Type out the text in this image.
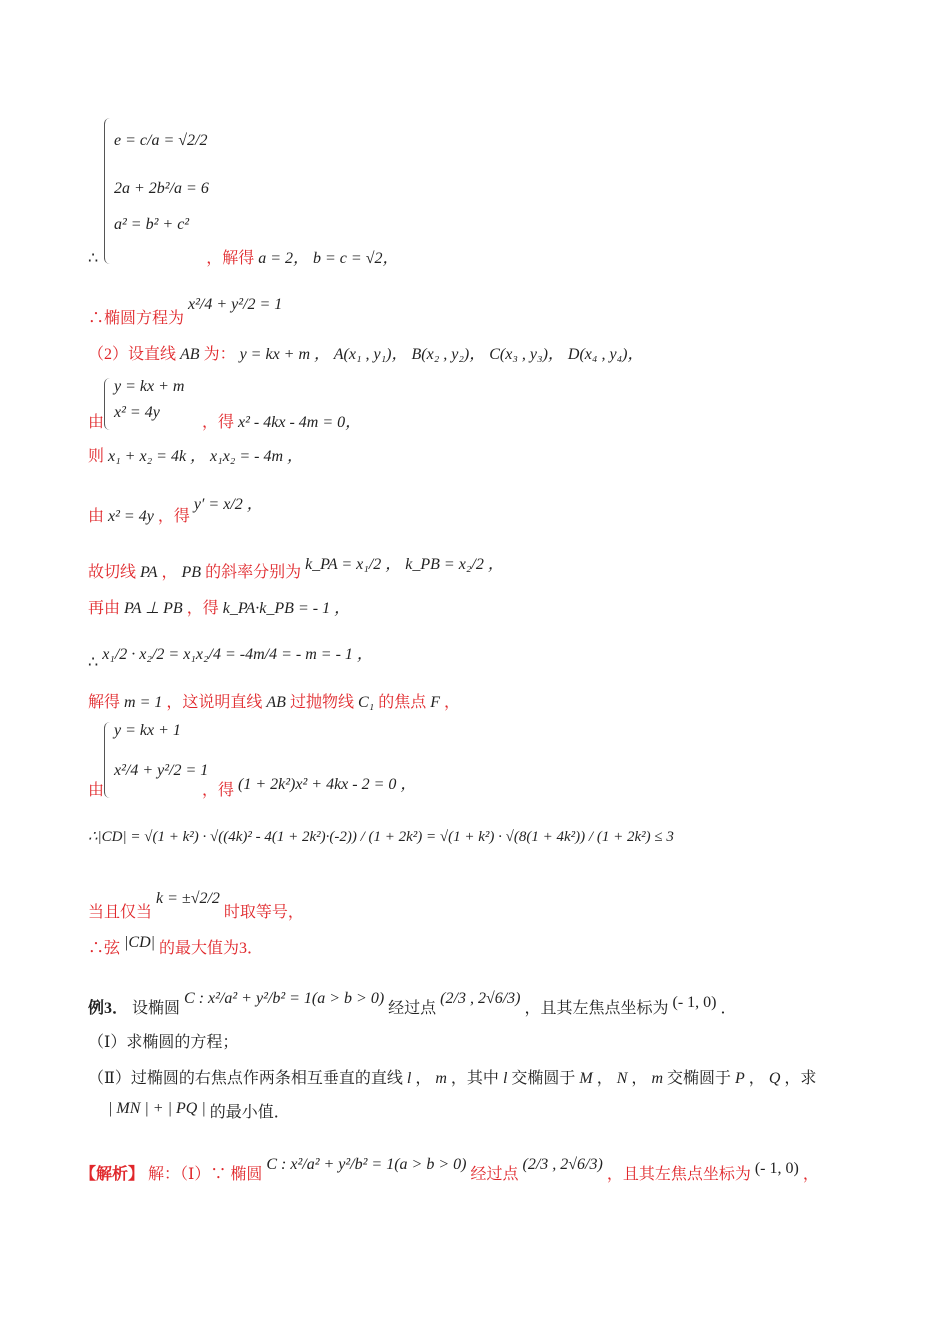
e = c/a = √2/2
2a + 2b²/a = 6
a² = b² + c²
∴	，解得 a = 2， b = c = √2，
∴椭圆方程为 x²/4 + y²/2 = 1
（2）设直线 AB 为： y = kx + m ， A(x₁ , y₁)， B(x₂ , y₂)， C(x₃ , y₃)， D(x₄ , y₄)，
y = kx + m
x² = 4y
由	，得 x² - 4kx - 4m = 0，
则 x₁ + x₂ = 4k ， x₁x₂ = - 4m ，
由 x² = 4y ，得 y′ = x/2 ，
故切线 PA ， PB 的斜率分别为 k_PA = x₁/2 ， k_PB = x₂/2 ，
再由 PA ⊥ PB ，得 k_PA·k_PB = - 1 ，
∴ x₁/2 · x₂/2 = x₁x₂/4 = -4m/4 = - m = - 1 ，
解得 m = 1 ，这说明直线 AB 过抛物线 C₁ 的焦点 F ，
y = kx + 1
x²/4 + y²/2 = 1
由	，得 (1 + 2k²)x² + 4kx - 2 = 0 ，
∴|CD| = √(1 + k²) · √((4k)² - 4(1 + 2k²)·(-2)) / (1 + 2k²) = √(1 + k²) · √(8(1 + 4k²)) / (1 + 2k²) ≤ 3
当且仅当 k = ±√2/2 时取等号，
∴弦 |CD| 的最大值为3．
例3． 设椭圆 C : x²/a² + y²/b² = 1(a > b > 0) 经过点 (2/3 , 2√6/3) ，且其左焦点坐标为 (- 1, 0) ．
（Ⅰ）求椭圆的方程；
（Ⅱ）过椭圆的右焦点作两条相互垂直的直线 l ， m ，其中 l 交椭圆于 M ， N ， m 交椭圆于 P ， Q ，求
| MN | + | PQ | 的最小值．
【解析】 解：（Ⅰ）∵ 椭圆 C : x²/a² + y²/b² = 1(a > b > 0) 经过点 (2/3 , 2√6/3) ，且其左焦点坐标为 (- 1, 0) ，
